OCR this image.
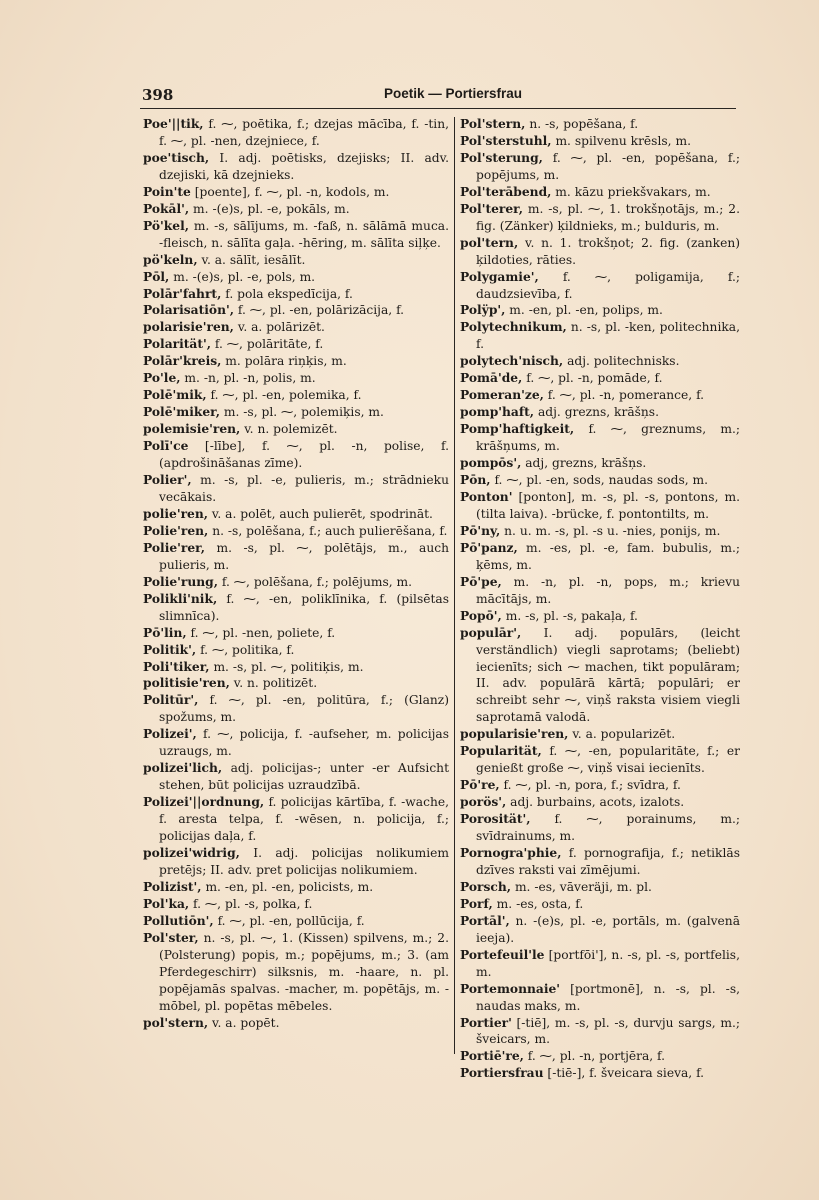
398	Poetik — Portiersfrau
Poe'||tik, f. ⁓, poētika, f.; dzejas mācība, f. -tin, f. ⁓, pl. -nen, dzejniece, f.
poe'tisch, I. adj. poētisks, dzejisks; II. adv. dzejiski, kā dzejnieks.
Poin'te [poente], f. ⁓, pl. -n, kodols, m.
Pokāl', m. -(e)s, pl. -e, pokāls, m.
Pö'kel, m. -s, sālījums, m. -faß, n. sālāmā muca. -fleisch, n. sālīta gaļa. -hēring, m. sālīta siļķe.
pö'keln, v. a. sālīt, iesālīt.
Pōl, m. -(e)s, pl. -e, pols, m.
Polār'fahrt, f. pola ekspedīcija, f.
Polarisatiōn', f. ⁓, pl. -en, polārizācija, f.
polarisie'ren, v. a. polārizēt.
Polarität', f. ⁓, polāritāte, f.
Polār'kreis, m. polāra riņķis, m.
Po'le, m. -n, pl. -n, polis, m.
Polē'mik, f. ⁓, pl. -en, polemika, f.
Polē'miker, m. -s, pl. ⁓, polemiķis, m.
polemisie'ren, v. n. polemizēt.
Polī'ce [-lībe], f. ⁓, pl. -n, polise, f. (apdrošināšanas zīme).
Polier', m. -s, pl. -e, pulieris, m.; strādnieku vecākais.
polie'ren, v. a. polēt, auch pulierēt, spodrināt.
Polie'ren, n. -s, polēšana, f.; auch pulierēšana, f.
Polie'rer, m. -s, pl. ⁓, polētājs, m., auch pulieris, m.
Polie'rung, f. ⁓, polēšana, f.; polējums, m.
Polikli'nik, f. ⁓, -en, poliklīnika, f. (pilsētas slimnīca).
Pō'lin, f. ⁓, pl. -nen, poliete, f.
Politik', f. ⁓, politika, f.
Poli'tiker, m. -s, pl. ⁓, politiķis, m.
politisie'ren, v. n. politizēt.
Politūr', f. ⁓, pl. -en, politūra, f.; (Glanz) spožums, m.
Polizei', f. ⁓, policija, f. -aufseher, m. policijas uzraugs, m.
polizei'lich, adj. policijas-; unter -er Aufsicht stehen, būt policijas uzraudzībā.
Polizei'||ordnung, f. policijas kārtība, f. -wache, f. aresta telpa, f. -wēsen, n. policija, f.; policijas daļa, f.
polizei'widrig, I. adj. policijas nolikumiem pretējs; II. adv. pret policijas nolikumiem.
Polizist', m. -en, pl. -en, policists, m.
Pol'ka, f. ⁓, pl. -s, polka, f.
Pollutiōn', f. ⁓, pl. -en, pollūcija, f.
Pol'ster, n. -s, pl. ⁓, 1. (Kissen) spilvens, m.; 2. (Polsterung) popis, m.; popējums, m.; 3. (am Pferdegeschirr) silksnis, m. -haare, n. pl. popējamās spalvas. -macher, m. popētājs, m. -mōbel, pl. popētas mēbeles.
pol'stern, v. a. popēt.
Pol'stern, n. -s, popēšana, f.
Pol'sterstuhl, m. spilvenu krēsls, m.
Pol'sterung, f. ⁓, pl. -en, popēšana, f.; popējums, m.
Pol'terābend, m. kāzu priekšvakars, m.
Pol'terer, m. -s, pl. ⁓, 1. trokšņotājs, m.; 2. fig. (Zänker) ķildnieks, m.; bulduris, m.
pol'tern, v. n. 1. trokšņot; 2. fig. (zanken) ķildoties, rāties.
Polygamie', f. ⁓, poligamija, f.; daudzsievība, f.
Polÿp', m. -en, pl. -en, polips, m.
Polytechnikum, n. -s, pl. -ken, politechnika, f.
polytech'nisch, adj. politechnisks.
Pomā'de, f. ⁓, pl. -n, pomāde, f.
Pomeran'ze, f. ⁓, pl. -n, pomerance, f.
pomp'haft, adj. grezns, krāšņs.
Pomp'haftigkeit, f. ⁓, greznums, m.; krāšņums, m.
pompōs', adj, grezns, krāšņs.
Pōn, f. ⁓, pl. -en, sods, naudas sods, m.
Ponton' [ponton], m. -s, pl. -s, pontons, m. (tilta laiva). -brücke, f. pontontilts, m.
Pō'ny, n. u. m. -s, pl. -s u. -nies, ponijs, m.
Pō'panz, m. -es, pl. -e, fam. bubulis, m.; ķēms, m.
Pō'pe, m. -n, pl. -n, pops, m.; krievu mācītājs, m.
Popō', m. -s, pl. -s, pakaļa, f.
populār', I. adj. populārs, (leicht verständlich) viegli saprotams; (beliebt) iecienīts; sich ⁓ machen, tikt populāram; II. adv. populārā kārtā; populāri; er schreibt sehr ⁓, viņš raksta visiem viegli saprotamā valodā.
popularisie'ren, v. a. popularizēt.
Popularität, f. ⁓, -en, popularitāte, f.; er genießt große ⁓, viņš visai iecienīts.
Pō're, f. ⁓, pl. -n, pora, f.; svīdra, f.
porös', adj. burbains, acots, izalots.
Porosität', f. ⁓, porainums, m.; svīdrainums, m.
Pornogra'phie, f. pornografija, f.; netiklās dzīves raksti vai zīmējumi.
Porsch, m. -es, vāveräji, m. pl.
Porf, m. -es, osta, f.
Portāl', n. -(e)s, pl. -e, portāls, m. (galvenā ieeja).
Portefeuil'le [portfōi'], n. -s, pl. -s, portfelis, m.
Portemonnaie' [portmonē], n. -s, pl. -s, naudas maks, m.
Portier' [-tiē], m. -s, pl. -s, durvju sargs, m.; šveicars, m.
Portiē're, f. ⁓, pl. -n, portjēra, f.
Portiersfrau [-tiē-], f. šveicara sieva, f.
